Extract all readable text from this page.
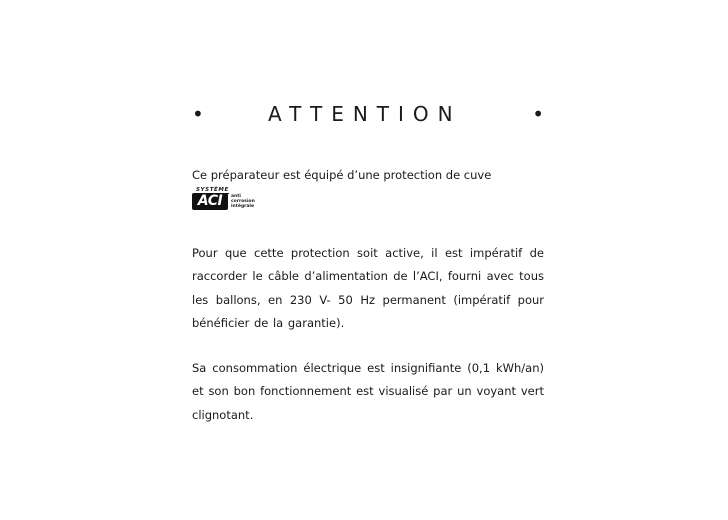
•	ATTENTION	•
Ce préparateur est équipé d’une protection de cuve
SYSTÈME
ACI	anti
corrosion
intégrale

Pour que cette protection soit active, il est impératif de raccorder le câble d’alimentation de l’ACI, fourni avec tous les ballons, en 230 V- 50 Hz permanent (impératif pour bénéficier de la garantie).

Sa consommation électrique est insignifiante (0,1 kWh/an) et son bon fonctionnement est visualisé par un voyant vert clignotant.
